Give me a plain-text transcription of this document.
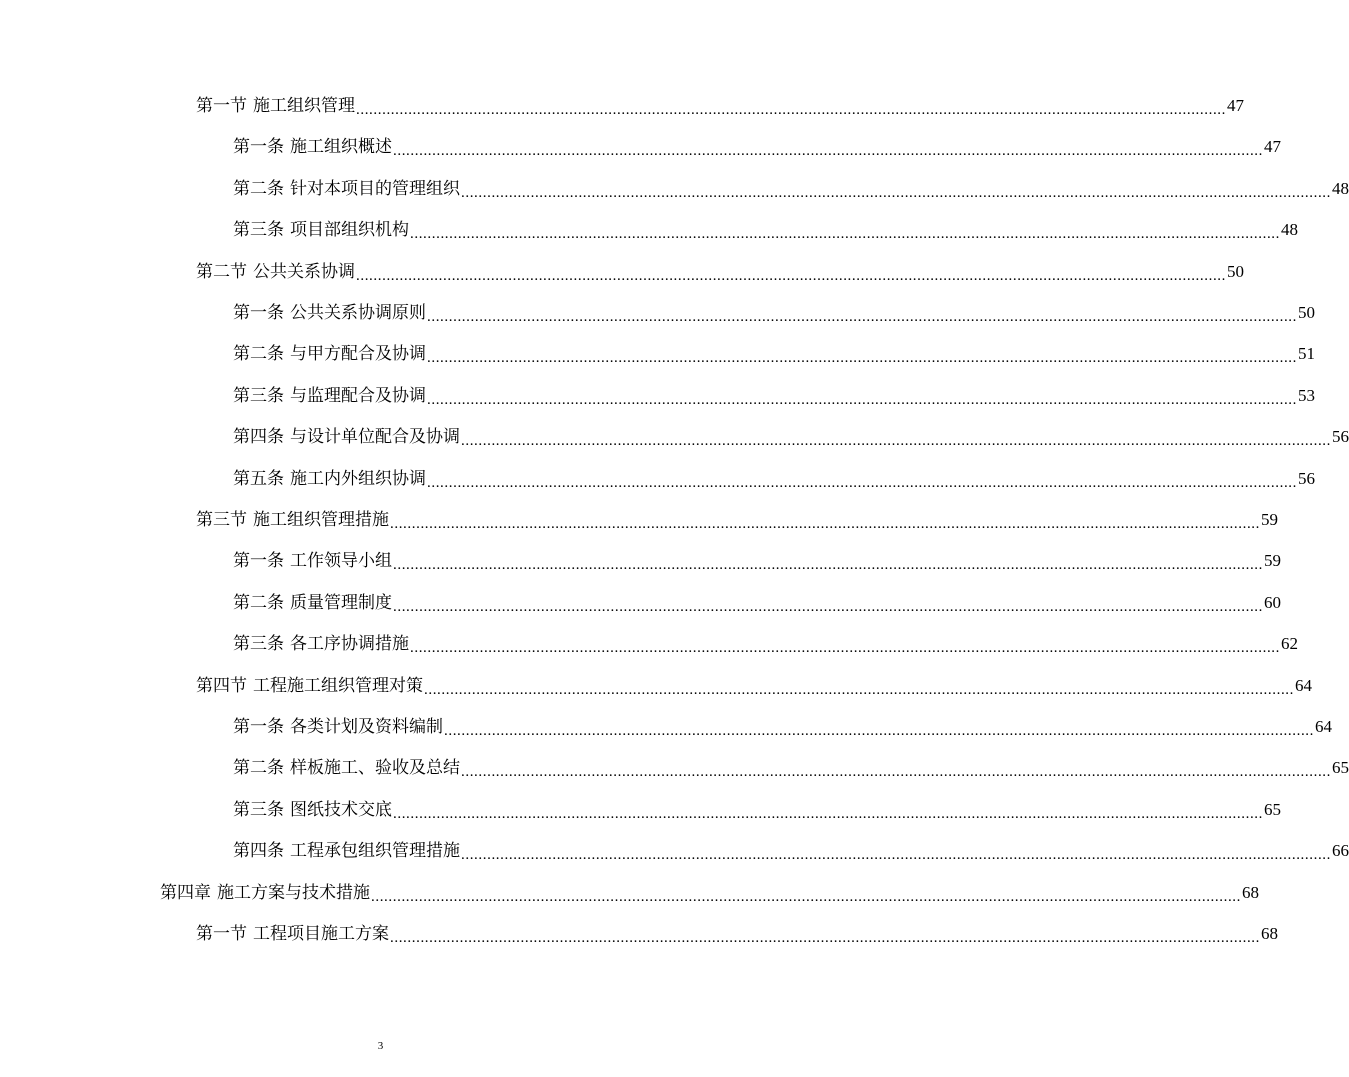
第一节 施工组织管理 ........................................................................................................................................................................................................ 47
第一条 施工组织概述 ........................................................................................................................................................................................................ 47
第二条 针对本项目的管理组织 ........................................................................................................................................................................................................ 48
第三条 项目部组织机构 ........................................................................................................................................................................................................ 48
第二节 公共关系协调 ........................................................................................................................................................................................................ 50
第一条 公共关系协调原则 ........................................................................................................................................................................................................ 50
第二条 与甲方配合及协调 ........................................................................................................................................................................................................ 51
第三条 与监理配合及协调 ........................................................................................................................................................................................................ 53
第四条 与设计单位配合及协调 ........................................................................................................................................................................................................ 56
第五条 施工内外组织协调 ........................................................................................................................................................................................................ 56
第三节 施工组织管理措施 ........................................................................................................................................................................................................ 59
第一条 工作领导小组 ........................................................................................................................................................................................................ 59
第二条 质量管理制度 ........................................................................................................................................................................................................ 60
第三条 各工序协调措施 ........................................................................................................................................................................................................ 62
第四节 工程施工组织管理对策 ........................................................................................................................................................................................................ 64
第一条 各类计划及资料编制 ........................................................................................................................................................................................................ 64
第二条 样板施工、验收及总结 ........................................................................................................................................................................................................ 65
第三条 图纸技术交底 ........................................................................................................................................................................................................ 65
第四条 工程承包组织管理措施 ........................................................................................................................................................................................................ 66
第四章 施工方案与技术措施 ........................................................................................................................................................................................................ 68
第一节 工程项目施工方案 ........................................................................................................................................................................................................ 68
3
